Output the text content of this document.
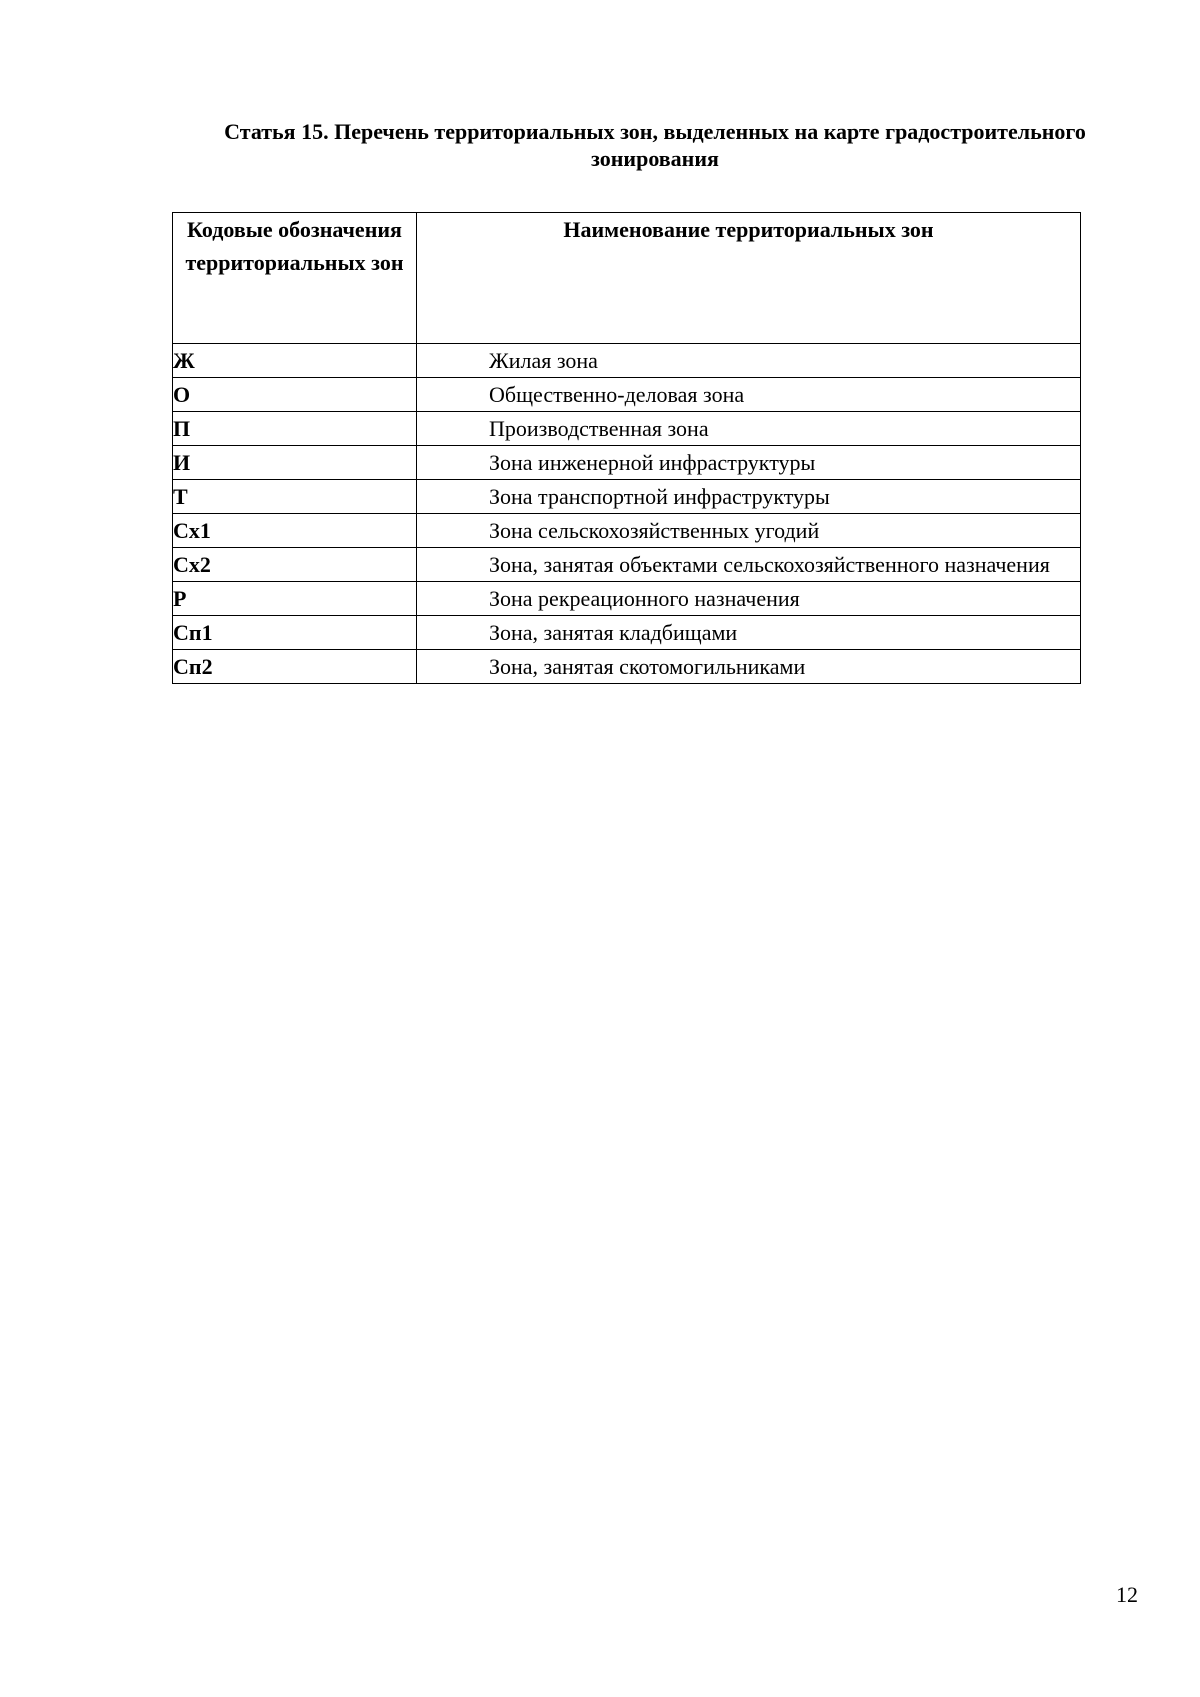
Статья 15. Перечень территориальных зон, выделенных на карте градостроительного зонирования
Кодовые обозначения территориальных зон	Наименование территориальных зон
Ж	Жилая зона

О	Общественно-деловая зона

П	Производственная зона

И	Зона инженерной инфраструктуры

Т	Зона транспортной инфраструктуры

Сх1	Зона сельскохозяйственных угодий

Сх2	Зона, занятая объектами сельскохозяйственного назначения

Р	Зона рекреационного назначения

Сп1	Зона, занятая кладбищами

Сп2	Зона, занятая скотомогильниками
12
